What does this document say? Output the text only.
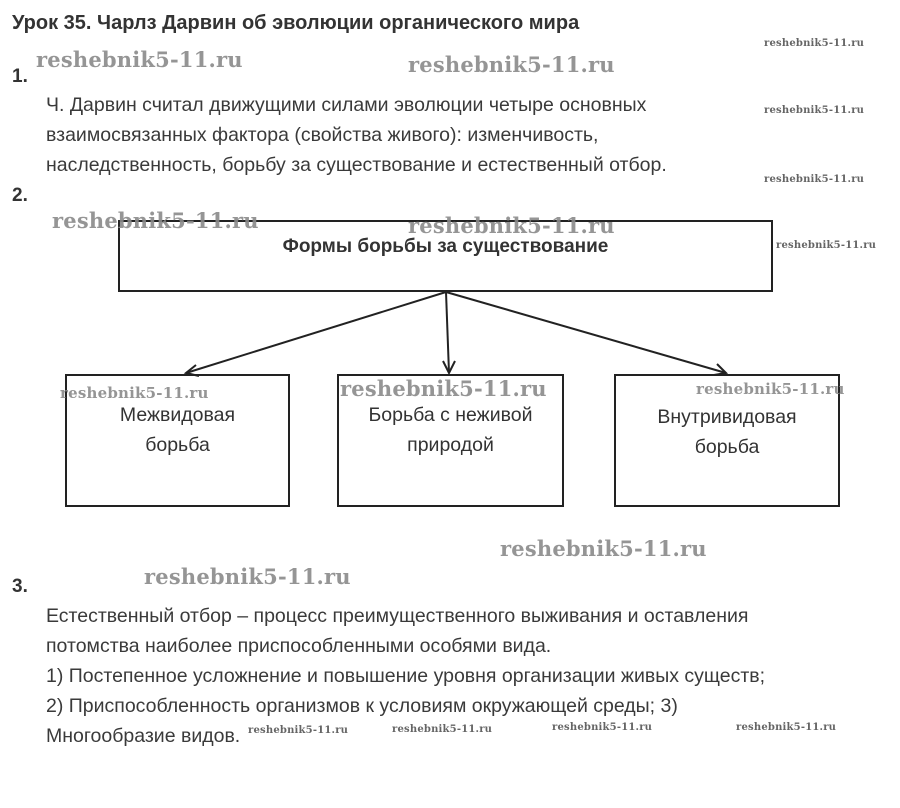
Урок 35. Чарлз Дарвин об эволюции органического мира
1.
Ч. Дарвин считал движущими силами эволюции четыре основных
взаимосвязанных фактора (свойства живого): изменчивость,
наследственность, борьбу за существование и естественный отбор.
2.
Формы борьбы за существование
Межвидовая
борьба
Борьба с неживой
природой
Внутривидовая
борьба
3.
Естественный отбор – процесс преимущественного выживания и оставления
потомства наиболее приспособленными особями вида.
1) Постепенное усложнение и повышение уровня организации живых существ;
2) Приспособленность организмов к условиям окружающей среды; 3)
Многообразие видов.
reshebnik5-11.ru	reshebnik5-11.ru
reshebnik5-11.ru
reshebnik5-11.ru
reshebnik5-11.ru
reshebnik5-11.ru	reshebnik5-11.ru
reshebnik5-11.ru
reshebnik5-11.ru	reshebnik5-11.ru	reshebnik5-11.ru
reshebnik5-11.ru
reshebnik5-11.ru
reshebnik5-11.ru	reshebnik5-11.ru	reshebnik5-11.ru	reshebnik5-11.ru
